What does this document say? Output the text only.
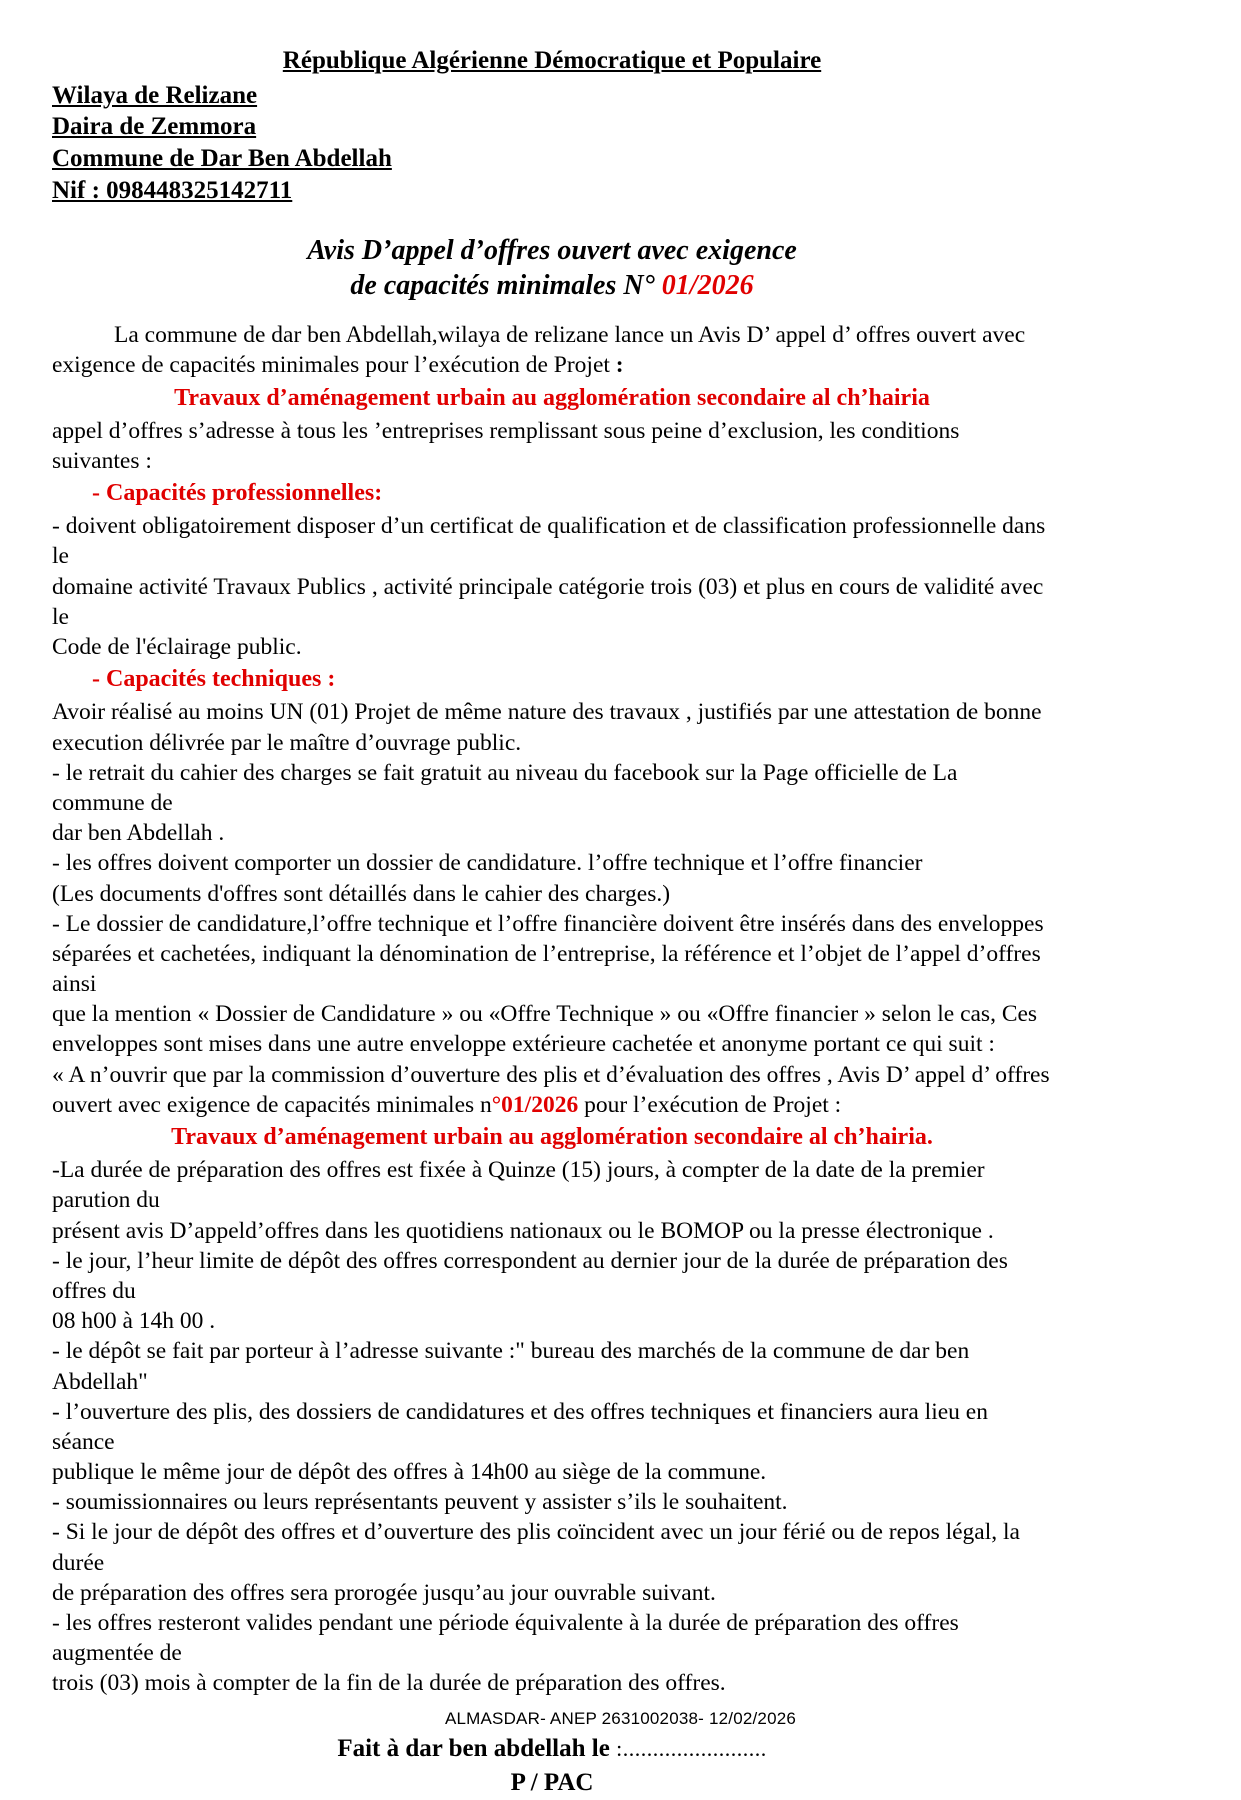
République Algérienne Démocratique et Populaire
Wilaya de Relizane
Daira de Zemmora
Commune de Dar Ben Abdellah
Nif : 098448325142711
Avis D’appel d’offres ouvert avec exigence
de capacités minimales N° 01/2026

La commune de dar ben Abdellah,wilaya de relizane lance un Avis D’ appel d’ offres ouvert avec

exigence de capacités minimales pour l’exécution de Projet :

Travaux d’aménagement urbain au agglomération secondaire al ch’hairia

appel d’offres s’adresse à tous les ’entreprises remplissant sous peine d’exclusion, les conditions suivantes :

- Capacités professionnelles:

- doivent obligatoirement disposer d’un certificat de qualification et de classification professionnelle dans le

domaine activité Travaux Publics , activité principale catégorie trois (03) et plus en cours de validité avec le

Code de l'éclairage public.

- Capacités techniques :

Avoir réalisé au moins UN (01) Projet de même nature des travaux , justifiés par une attestation de bonne

execution délivrée par le maître d’ouvrage public.

- le retrait du cahier des charges se fait gratuit au niveau du facebook sur la Page officielle de La commune de

dar ben Abdellah .

- les offres doivent comporter un dossier de candidature. l’offre technique et l’offre financier

(Les documents d'offres sont détaillés dans le cahier des charges.)

- Le dossier de candidature,l’offre technique et l’offre financière doivent être insérés dans des enveloppes

séparées et cachetées, indiquant la dénomination de l’entreprise, la référence et l’objet de l’appel d’offres ainsi

que la mention « Dossier de Candidature » ou «Offre Technique » ou «Offre financier » selon le cas, Ces

enveloppes sont mises dans une autre enveloppe extérieure cachetée et anonyme portant ce qui suit :

« A n’ouvrir que par la commission d’ouverture des plis et d’évaluation des offres , Avis D’ appel d’ offres

ouvert avec exigence de capacités minimales n°01/2026 pour l’exécution de Projet :

Travaux d’aménagement urbain au agglomération secondaire al ch’hairia.

-La durée de préparation des offres est fixée à Quinze (15) jours, à compter de la date de la premier parution du

présent avis D’appeld’offres dans les quotidiens nationaux ou le BOMOP ou la presse électronique .

- le jour, l’heur limite de dépôt des offres correspondent au dernier jour de la durée de préparation des offres du

08 h00 à 14h 00 .

- le dépôt se fait par porteur à l’adresse suivante :" bureau des marchés de la commune de dar ben Abdellah"

- l’ouverture des plis, des dossiers de candidatures et des offres techniques et financiers aura lieu en séance

publique le même jour de dépôt des offres à 14h00 au siège de la commune.

- soumissionnaires ou leurs représentants peuvent y assister s’ils le souhaitent.

- Si le jour de dépôt des offres et d’ouverture des plis coïncident avec un jour férié ou de repos légal, la durée

de préparation des offres sera prorogée jusqu’au jour ouvrable suivant.

- les offres resteront valides pendant une période équivalente à la durée de préparation des offres augmentée de

trois (03) mois à compter de la fin de la durée de préparation des offres.

Fait à dar ben abdellah le :........................
P / PAC
ALMASDAR- ANEP 2631002038- 12/02/2026
